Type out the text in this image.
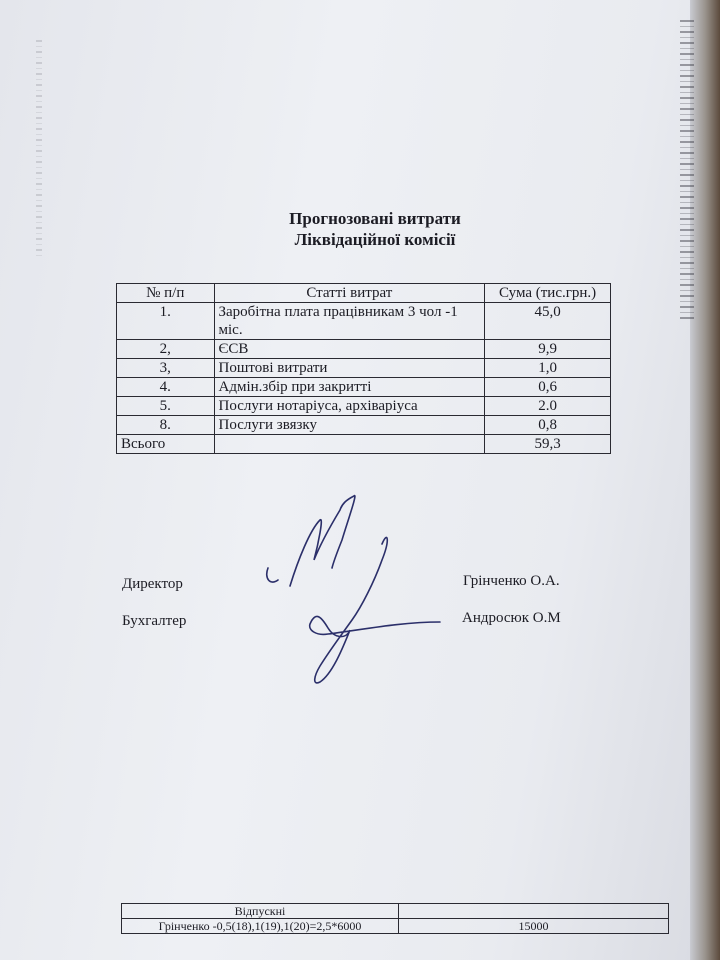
Прогнозовані витрати
Ліквідаційної комісії
№ п/п	Статті витрат	Сума (тис.грн.)
1.	Заробітна плата працівникам 3 чол -1 міс.	45,0
2,	ЄСВ	9,9
3,	Поштові витрати	1,0
4.	Адмін.збір при закритті	0,6
5.	Послуги нотаріуса, архіваріуса	2.0
8.	Послуги звязку	0,8
Всього		59,3
Директор	Грінченко О.А.
Бухгалтер	Андросюк О.М
Відпускні	
Грінченко -0,5(18),1(19),1(20)=2,5*6000	15000
